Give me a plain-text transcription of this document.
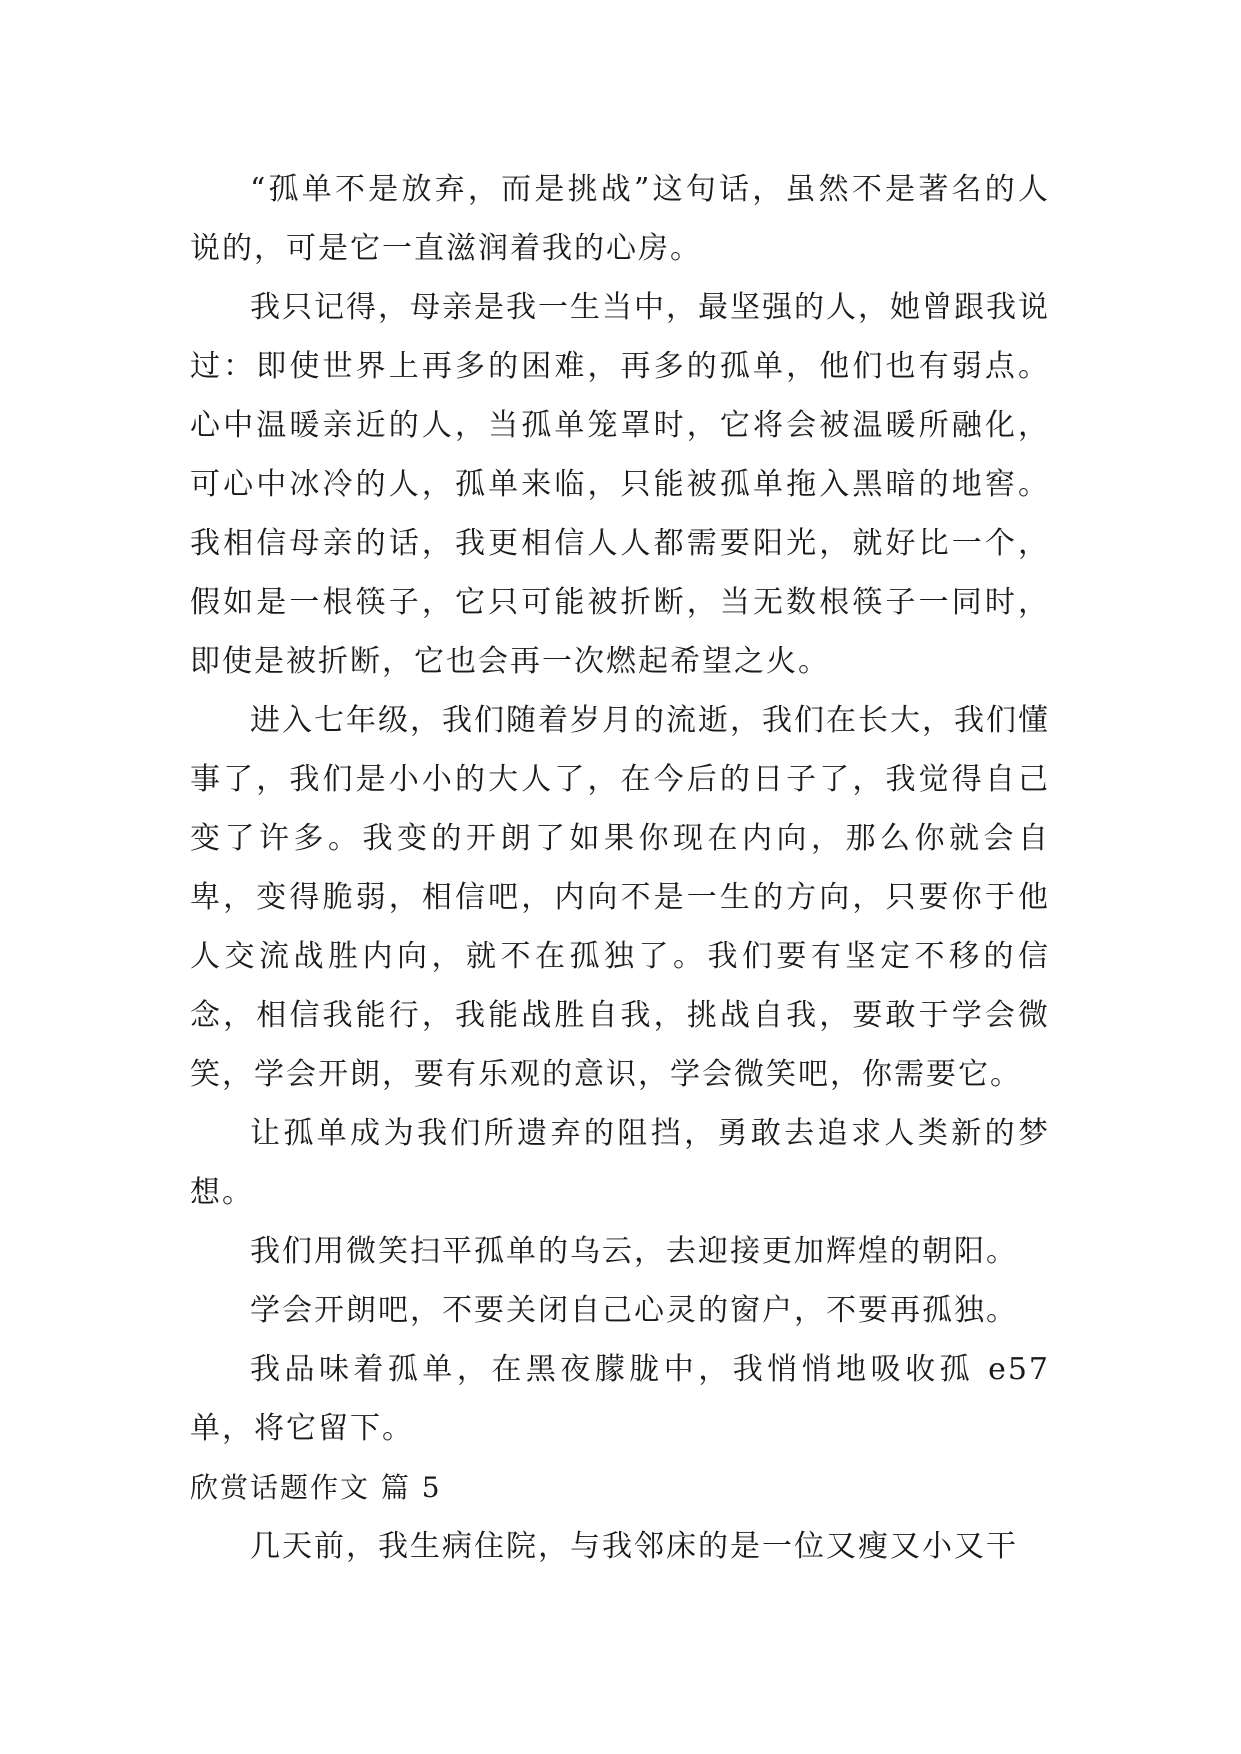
“孤单不是放弃，而是挑战”这句话，虽然不是著名的人说的，可是它一直滋润着我的心房。

我只记得，母亲是我一生当中，最坚强的人，她曾跟我说过：即使世界上再多的困难，再多的孤单，他们也有弱点。心中温暖亲近的人，当孤单笼罩时，它将会被温暖所融化，可心中冰冷的人，孤单来临，只能被孤单拖入黑暗的地窖。我相信母亲的话，我更相信人人都需要阳光，就好比一个，假如是一根筷子，它只可能被折断，当无数根筷子一同时，即使是被折断，它也会再一次燃起希望之火。

进入七年级，我们随着岁月的流逝，我们在长大，我们懂事了，我们是小小的大人了，在今后的日子了，我觉得自己变了许多。我变的开朗了如果你现在内向，那么你就会自卑，变得脆弱，相信吧，内向不是一生的方向，只要你于他人交流战胜内向，就不在孤独了。我们要有坚定不移的信念，相信我能行，我能战胜自我，挑战自我，要敢于学会微笑，学会开朗，要有乐观的意识，学会微笑吧，你需要它。

让孤单成为我们所遗弃的阻挡，勇敢去追求人类新的梦想。

我们用微笑扫平孤单的乌云，去迎接更加辉煌的朝阳。

学会开朗吧，不要关闭自己心灵的窗户，不要再孤独。

我品味着孤单，在黑夜朦胧中，我悄悄地吸收孤 e57 单，将它留下。

欣赏话题作文 篇 5

几天前，我生病住院，与我邻床的是一位又瘦又小又干
